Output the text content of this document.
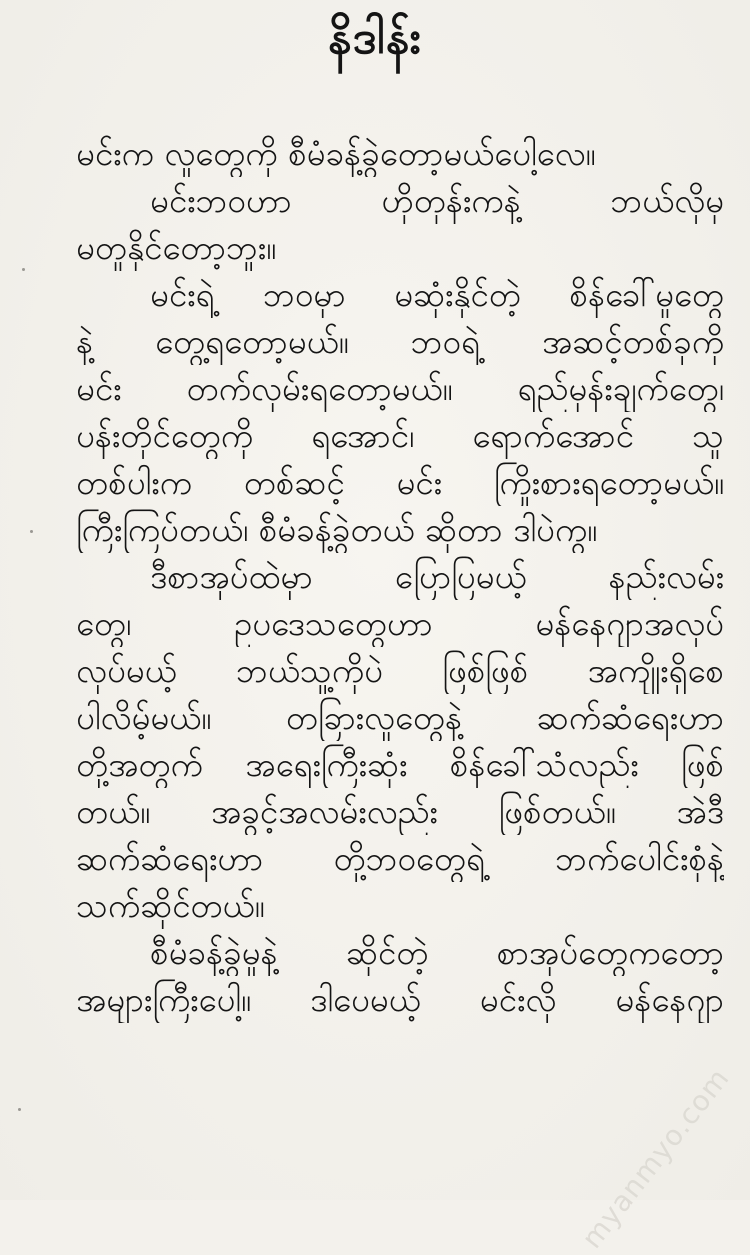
နိဒါန်း
မင်းက လူတွေကို စီမံခန့်ခွဲတော့မယ်ပေါ့လေ။
မင်းဘဝဟာ ဟိုတုန်းကနဲ့ ဘယ်လိုမှ
မတူနိုင်တော့ဘူး။
မင်းရဲ့ ဘဝမှာ မဆုံးနိုင်တဲ့ စိန်ခေါ်မှုတွေ
နဲ့ တွေ့ရတော့မယ်။ ဘဝရဲ့ အဆင့်တစ်ခုကို
မင်း တက်လှမ်းရတော့မယ်။ ရည်မှန်းချက်တွေ၊
ပန်းတိုင်တွေကို ရအောင်၊ ရောက်အောင် သူ
တစ်ပါးက တစ်ဆင့် မင်း ကြိုးစားရတော့မယ်။
ကြီးကြပ်တယ်၊ စီမံခန့်ခွဲတယ် ဆိုတာ ဒါပဲကွ။
ဒီစာအုပ်ထဲမှာ ပြောပြမယ့် နည်းလမ်း
တွေ၊ ဥပဒေသတွေဟာ မန်နေဂျာအလုပ်
လုပ်မယ့် ဘယ်သူ့ကိုပဲ ဖြစ်ဖြစ် အကျိုးရှိစေ
ပါလိမ့်မယ်။ တခြားလူတွေနဲ့ ဆက်ဆံရေးဟာ
တို့အတွက် အရေးကြီးဆုံး စိန်ခေါ်သံလည်း ဖြစ်
တယ်။ အခွင့်အလမ်းလည်း ဖြစ်တယ်။ အဲဒီ
ဆက်ဆံရေးဟာ တို့ဘဝတွေရဲ့ ဘက်ပေါင်းစုံနဲ့
သက်ဆိုင်တယ်။
စီမံခန့်ခွဲမှုနဲ့ ဆိုင်တဲ့ စာအုပ်တွေကတော့
အများကြီးပေါ့။ ဒါပေမယ့် မင်းလို မန်နေဂျာ
myanmyo.com
